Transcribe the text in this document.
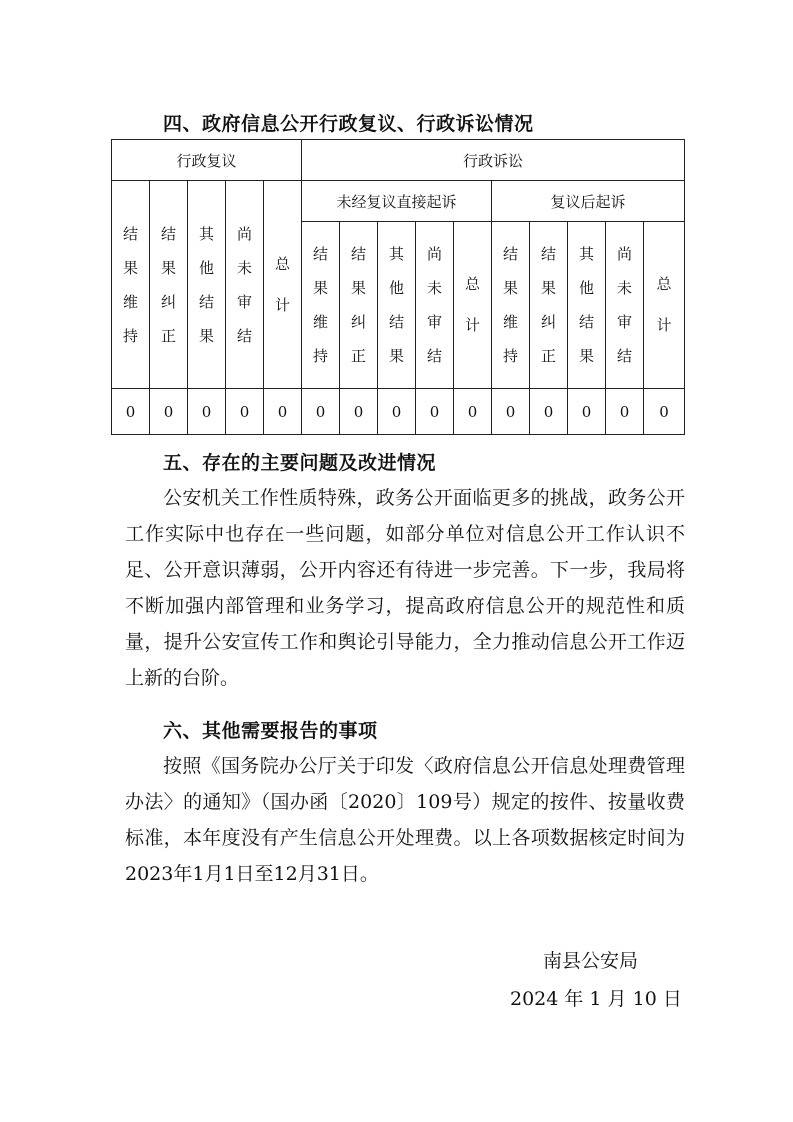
四、政府信息公开行政复议、行政诉讼情况
行政复议					行政诉讼									
结果维持	结果纠正	其他结果	尚未审结	总计	未经复议直接起诉					复议后起诉				
					结果维持	结果纠正	其他结果	尚未审结	总计	结果维持	结果纠正	其他结果	尚未审结	总计
0	0	0	0	0	0	0	0	0	0	0	0	0	0	0
五、存在的主要问题及改进情况

公安机关工作性质特殊，政务公开面临更多的挑战，政务公开工作实际中也存在一些问题，如部分单位对信息公开工作认识不足、公开意识薄弱，公开内容还有待进一步完善。下一步，我局将不断加强内部管理和业务学习，提高政府信息公开的规范性和质量，提升公安宣传工作和舆论引导能力，全力推动信息公开工作迈上新的台阶。

六、其他需要报告的事项

按照《国务院办公厅关于印发〈政府信息公开信息处理费管理办法〉的通知》（国办函〔2020〕109号）规定的按件、按量收费标准，本年度没有产生信息公开处理费。以上各项数据核定时间为2023年1月1日至12月31日。

南县公安局
2024 年 1 月 10 日
